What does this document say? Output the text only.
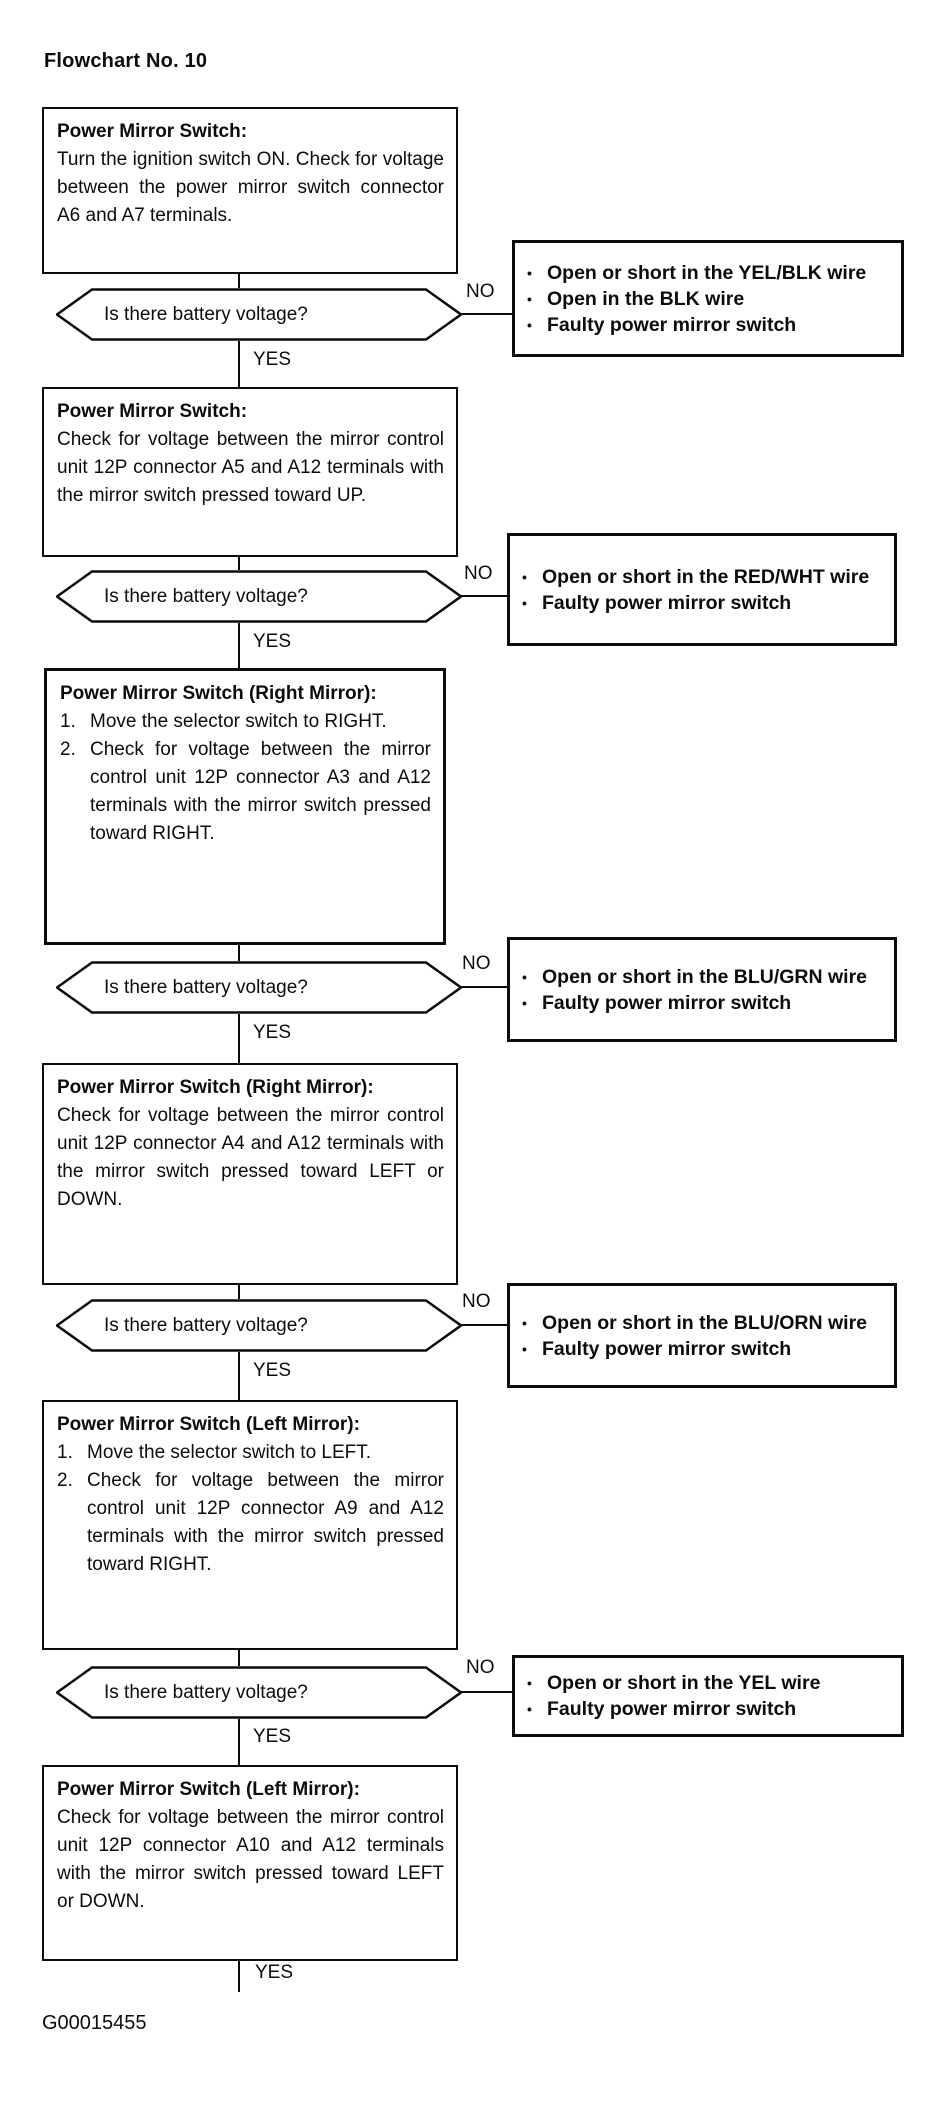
Flowchart No. 10
Power Mirror Switch:
Turn the ignition switch ON. Check for voltage between the power mirror switch connector A6 and A7 terminals.
Is there battery voltage?
NO
• Open or short in the YEL/BLK wire
• Open in the BLK wire
• Faulty power mirror switch
YES
Power Mirror Switch:
Check for voltage between the mirror control unit 12P connector A5 and A12 terminals with the mirror switch pressed toward UP.
Is there battery voltage?
NO • Open or short in the RED/WHT wire
• Faulty power mirror switch
YES
Power Mirror Switch (Right Mirror):
1. Move the selector switch to RIGHT.
2. Check for voltage between the mirror control unit 12P connector A3 and A12 terminals with the mirror switch pressed toward RIGHT.
Is there battery voltage?
NO
• Open or short in the BLU/GRN wire
• Faulty power mirror switch
YES
Power Mirror Switch (Right Mirror):
Check for voltage between the mirror control unit 12P connector A4 and A12 terminals with the mirror switch pressed toward LEFT or DOWN.
Is there battery voltage?
NO
• Open or short in the BLU/ORN wire
• Faulty power mirror switch
YES
Power Mirror Switch (Left Mirror):
1. Move the selector switch to LEFT.
2. Check for voltage between the mirror control unit 12P connector A9 and A12 terminals with the mirror switch pressed toward RIGHT.
Is there battery voltage?
NO
• Open or short in the YEL wire
• Faulty power mirror switch
YES
Power Mirror Switch (Left Mirror):
Check for voltage between the mirror control unit 12P connector A10 and A12 terminals with the mirror switch pressed toward LEFT or DOWN.
YES
G00015455
